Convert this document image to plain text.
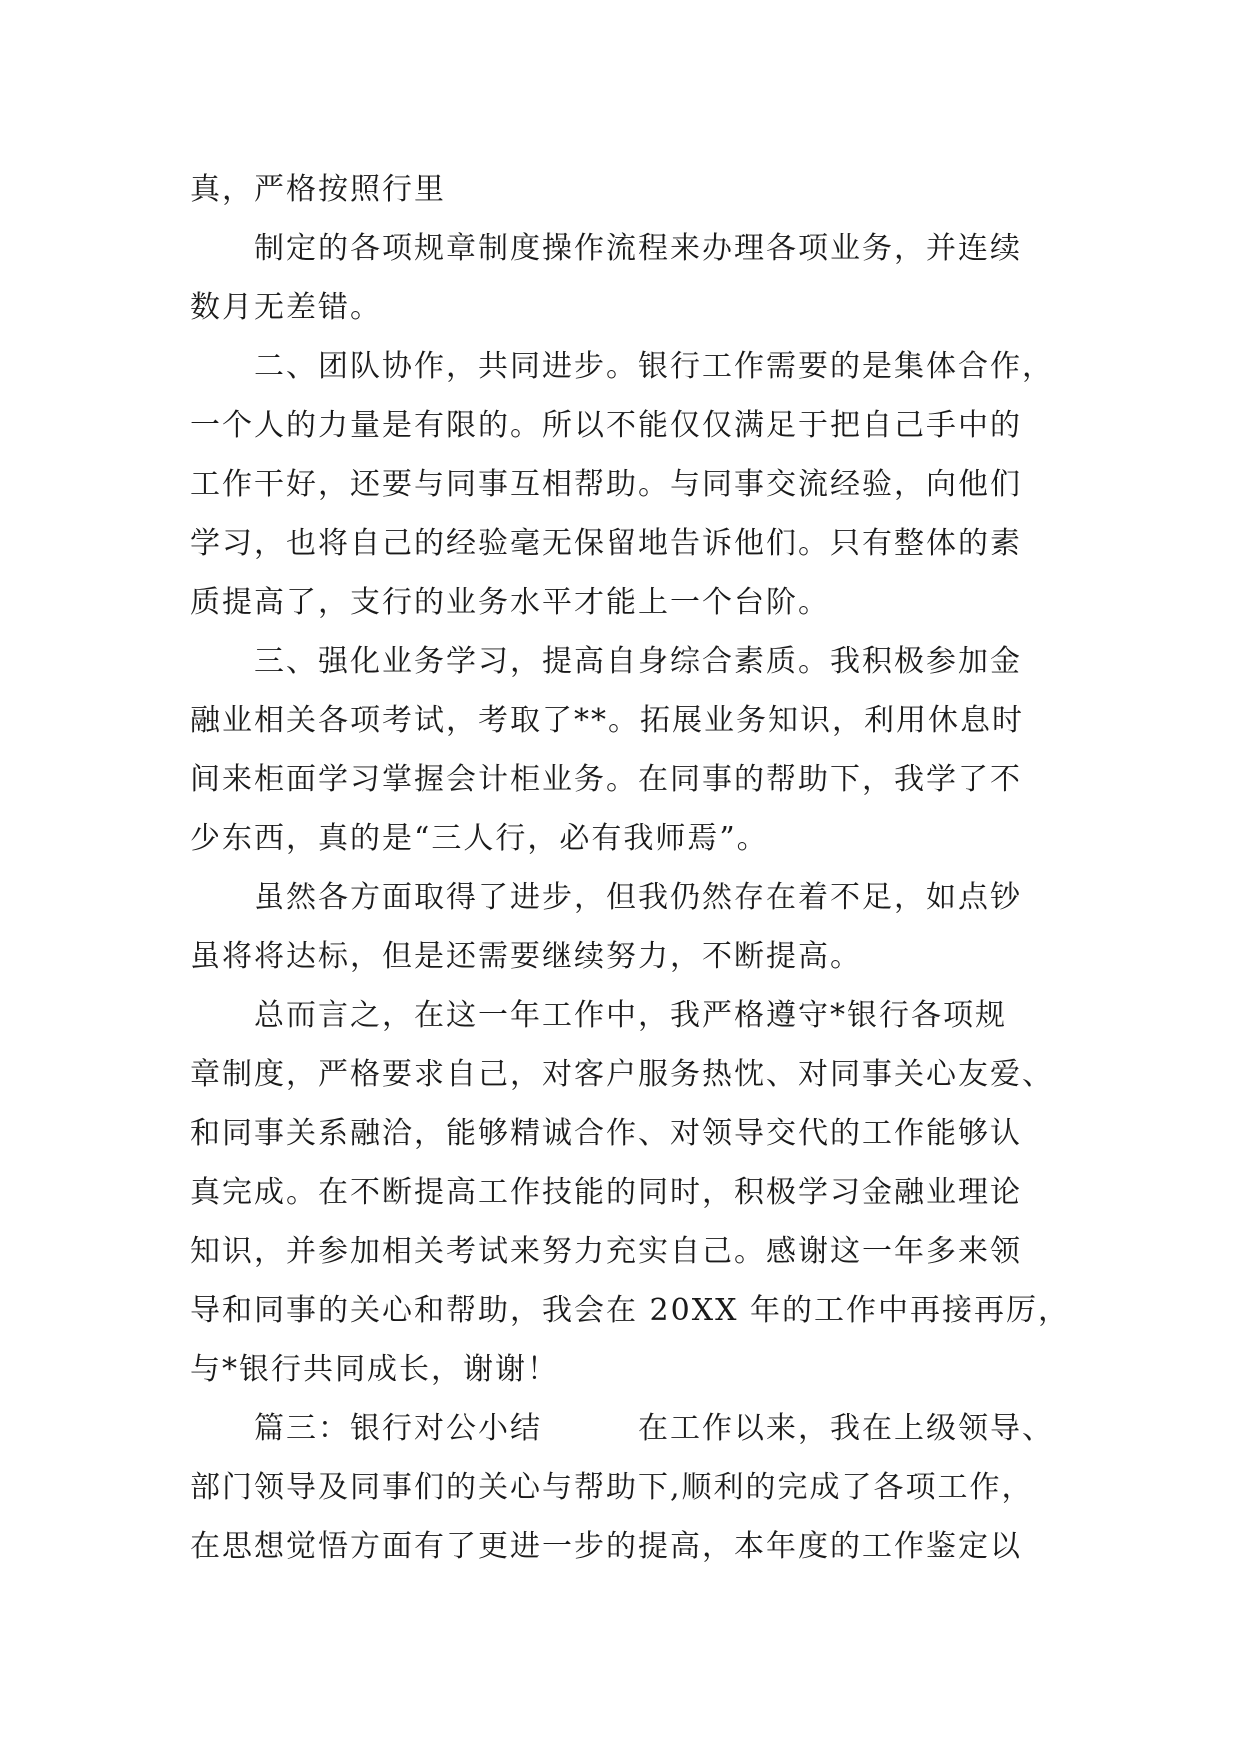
真，严格按照行里
　　制定的各项规章制度操作流程来办理各项业务，并连续
数月无差错。
　　二、团队协作，共同进步。银行工作需要的是集体合作，
一个人的力量是有限的。所以不能仅仅满足于把自己手中的
工作干好，还要与同事互相帮助。与同事交流经验，向他们
学习，也将自己的经验毫无保留地告诉他们。只有整体的素
质提高了，支行的业务水平才能上一个台阶。
　　三、强化业务学习，提高自身综合素质。我积极参加金
融业相关各项考试，考取了**。拓展业务知识，利用休息时
间来柜面学习掌握会计柜业务。在同事的帮助下，我学了不
少东西，真的是“三人行，必有我师焉”。
　　虽然各方面取得了进步，但我仍然存在着不足，如点钞
虽将将达标，但是还需要继续努力，不断提高。
　　总而言之，在这一年工作中，我严格遵守*银行各项规
章制度，严格要求自己，对客户服务热忱、对同事关心友爱、
和同事关系融洽，能够精诚合作、对领导交代的工作能够认
真完成。在不断提高工作技能的同时，积极学习金融业理论
知识，并参加相关考试来努力充实自己。感谢这一年多来领
导和同事的关心和帮助，我会在 20XX 年的工作中再接再厉，
与*银行共同成长，谢谢！
　　篇三：银行对公小结　　　在工作以来，我在上级领导、
部门领导及同事们的关心与帮助下,顺利的完成了各项工作，
在思想觉悟方面有了更进一步的提高，本年度的工作鉴定以
